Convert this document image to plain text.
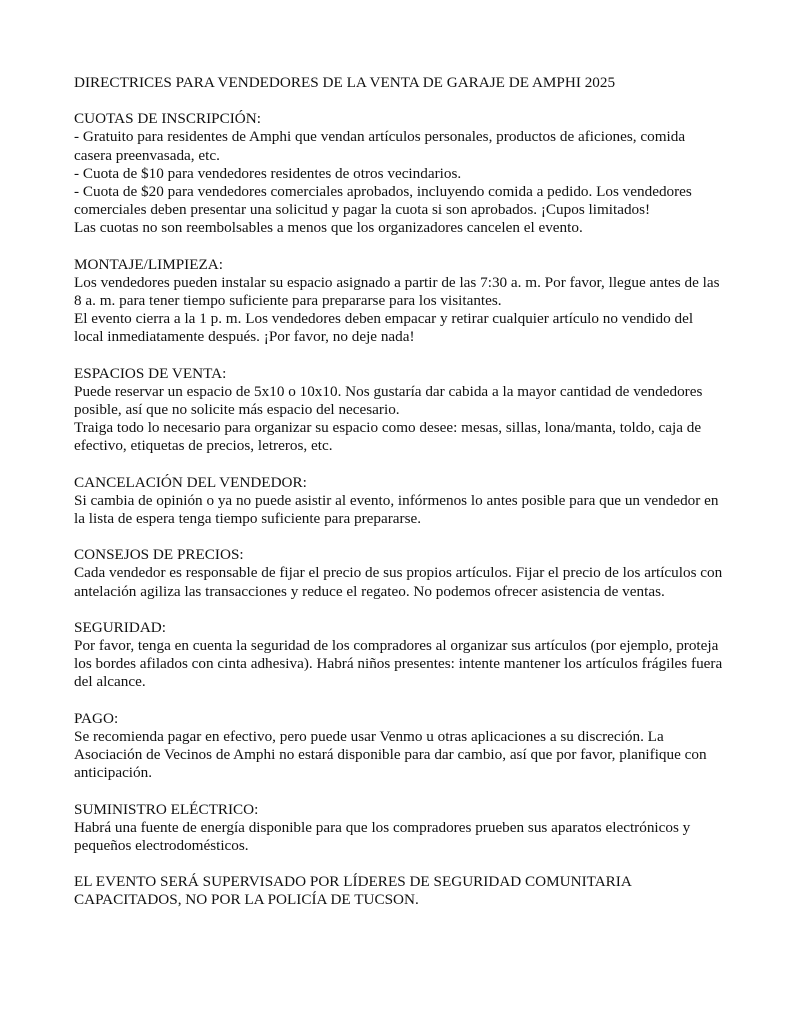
DIRECTRICES PARA VENDEDORES DE LA VENTA DE GARAJE DE AMPHI 2025
CUOTAS DE INSCRIPCIÓN:
- Gratuito para residentes de Amphi que vendan artículos personales, productos de aficiones, comida casera preenvasada, etc.
- Cuota de $10 para vendedores residentes de otros vecindarios.
- Cuota de $20 para vendedores comerciales aprobados, incluyendo comida a pedido. Los vendedores comerciales deben presentar una solicitud y pagar la cuota si son aprobados. ¡Cupos limitados!
Las cuotas no son reembolsables a menos que los organizadores cancelen el evento.
MONTAJE/LIMPIEZA:
Los vendedores pueden instalar su espacio asignado a partir de las 7:30 a. m. Por favor, llegue antes de las 8 a. m. para tener tiempo suficiente para prepararse para los visitantes.
El evento cierra a la 1 p. m. Los vendedores deben empacar y retirar cualquier artículo no vendido del local inmediatamente después. ¡Por favor, no deje nada!
ESPACIOS DE VENTA:
Puede reservar un espacio de 5x10 o 10x10. Nos gustaría dar cabida a la mayor cantidad de vendedores posible, así que no solicite más espacio del necesario.
Traiga todo lo necesario para organizar su espacio como desee: mesas, sillas, lona/manta, toldo, caja de efectivo, etiquetas de precios, letreros, etc.
CANCELACIÓN DEL VENDEDOR:
Si cambia de opinión o ya no puede asistir al evento, infórmenos lo antes posible para que un vendedor en la lista de espera tenga tiempo suficiente para prepararse.
CONSEJOS DE PRECIOS:
Cada vendedor es responsable de fijar el precio de sus propios artículos. Fijar el precio de los artículos con antelación agiliza las transacciones y reduce el regateo. No podemos ofrecer asistencia de ventas.
SEGURIDAD:
Por favor, tenga en cuenta la seguridad de los compradores al organizar sus artículos (por ejemplo, proteja los bordes afilados con cinta adhesiva). Habrá niños presentes: intente mantener los artículos frágiles fuera del alcance.
PAGO:
Se recomienda pagar en efectivo, pero puede usar Venmo u otras aplicaciones a su discreción. La Asociación de Vecinos de Amphi no estará disponible para dar cambio, así que por favor, planifique con anticipación.
SUMINISTRO ELÉCTRICO:
Habrá una fuente de energía disponible para que los compradores prueben sus aparatos electrónicos y pequeños electrodomésticos.
EL EVENTO SERÁ SUPERVISADO POR LÍDERES DE SEGURIDAD COMUNITARIA CAPACITADOS, NO POR LA POLICÍA DE TUCSON.
